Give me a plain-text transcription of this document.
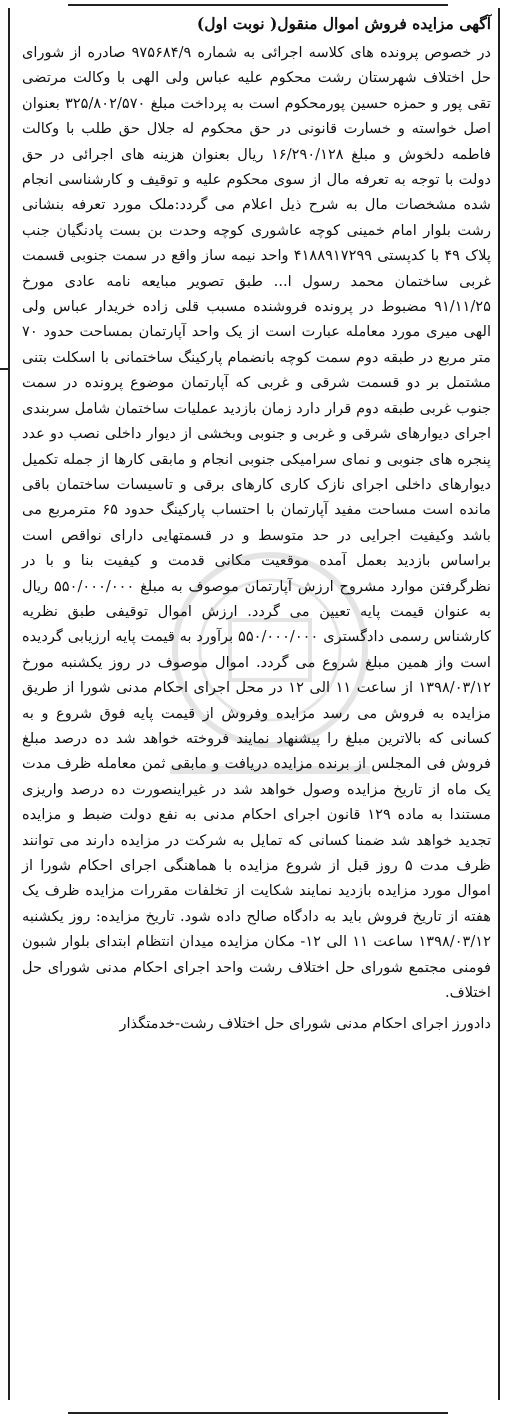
آگهی مزایده فروش اموال منقول( نوبت اول)

در خصوص پرونده های کلاسه اجرائی به شماره ۹۷۵۶۸۴/۹ صادره از شورای حل اختلاف شهرستان رشت محکوم علیه عباس ولی الهی با وکالت مرتضی تقی پور و حمزه حسین پورمحکوم است به پرداخت مبلغ ۳۲۵/۸۰۲/۵۷۰ بعنوان اصل خواسته و خسارت قانونی در حق محکوم له جلال حق طلب با وکالت فاطمه دلخوش و مبلغ ۱۶/۲۹۰/۱۲۸ ریال بعنوان هزینه های اجرائی در حق دولت با توجه به تعرفه مال از سوی محکوم علیه و توقیف و کارشناسی انجام شده مشخصات مال به شرح ذیل اعلام می گردد:ملک مورد تعرفه بنشانی رشت بلوار امام خمینی کوچه عاشوری کوچه وحدت بن بست پادنگیان جنب پلاک ۴۹ با کدپستی ۴۱۸۸۹۱۷۲۹۹ واحد نیمه ساز واقع در سمت جنوبی قسمت غربی ساختمان محمد رسول ا... طبق تصویر مبایعه نامه عادی مورخ ۹۱/۱۱/۲۵ مضبوط در پرونده فروشنده مسبب قلی زاده خریدار عباس ولی الهی میری مورد معامله عبارت است از یک واحد آپارتمان بمساحت حدود ۷۰ متر مربع در طبقه دوم سمت کوچه بانضمام پارکینگ ساختمانی با اسکلت بتنی مشتمل بر دو قسمت شرقی و غربی که آپارتمان موضوع پرونده در سمت جنوب غربی طبقه دوم قرار دارد زمان بازدید عملیات ساختمان شامل سربندی اجرای دیوارهای شرقی و غربی و جنوبی وبخشی از دیوار داخلی نصب دو عدد پنجره های جنوبی و نمای سرامیکی جنوبی انجام و مابقی کارها از جمله تکمیل دیوارهای داخلی اجرای نازک کاری کارهای برقی و تاسیسات ساختمان باقی مانده است مساحت مفید آپارتمان با احتساب پارکینگ حدود ۶۵ مترمربع می باشد وکیفیت اجرایی در حد متوسط و در قسمتهایی دارای نواقص است براساس بازدید بعمل آمده موقعیت مکانی قدمت و کیفیت بنا و با در نظرگرفتن موارد مشروح ارزش آپارتمان موصوف به مبلغ ۵۵۰/۰۰۰/۰۰۰ ریال به عنوان قیمت پایه تعیین می گردد. ارزش اموال توقیفی طبق نظریه کارشناس رسمی دادگستری ۵۵۰/۰۰۰/۰۰۰ برآورد به قیمت پایه ارزیابی گردیده است واز همین مبلغ شروع می گردد. اموال موصوف در روز یکشنبه مورخ ۱۳۹۸/۰۳/۱۲ از ساعت ۱۱ الی ۱۲ در محل اجرای احکام مدنی شورا از طریق مزایده به فروش می رسد مزایده وفروش از قیمت پایه فوق شروع و به کسانی که بالاترین مبلغ را پیشنهاد نمایند فروخته خواهد شد ده درصد مبلغ فروش فی المجلس از برنده مزایده دریافت و مابقی ثمن معامله ظرف مدت یک ماه از تاریخ مزایده وصول خواهد شد در غیراینصورت ده درصد واریزی مستندا به ماده ۱۲۹ قانون اجرای احکام مدنی به نفع دولت ضبط و مزایده تجدید خواهد شد ضمنا کسانی که تمایل به شرکت در مزایده دارند می توانند ظرف مدت ۵ روز قبل از شروع مزایده با هماهنگی اجرای احکام شورا از اموال مورد مزایده بازدید نمایند شکایت از تخلفات مقررات مزایده ظرف یک هفته از تاریخ فروش باید به دادگاه صالح داده شود. تاریخ مزایده: روز یکشنبه ۱۳۹۸/۰۳/۱۲ ساعت ۱۱ الی ۱۲- مکان مزایده میدان انتظام ابتدای بلوار شبون فومنی مجتمع شورای حل اختلاف رشت واحد اجرای احکام مدنی شورای حل اختلاف.

دادورز اجرای احکام مدنی شورای حل اختلاف رشت-خدمتگذار
